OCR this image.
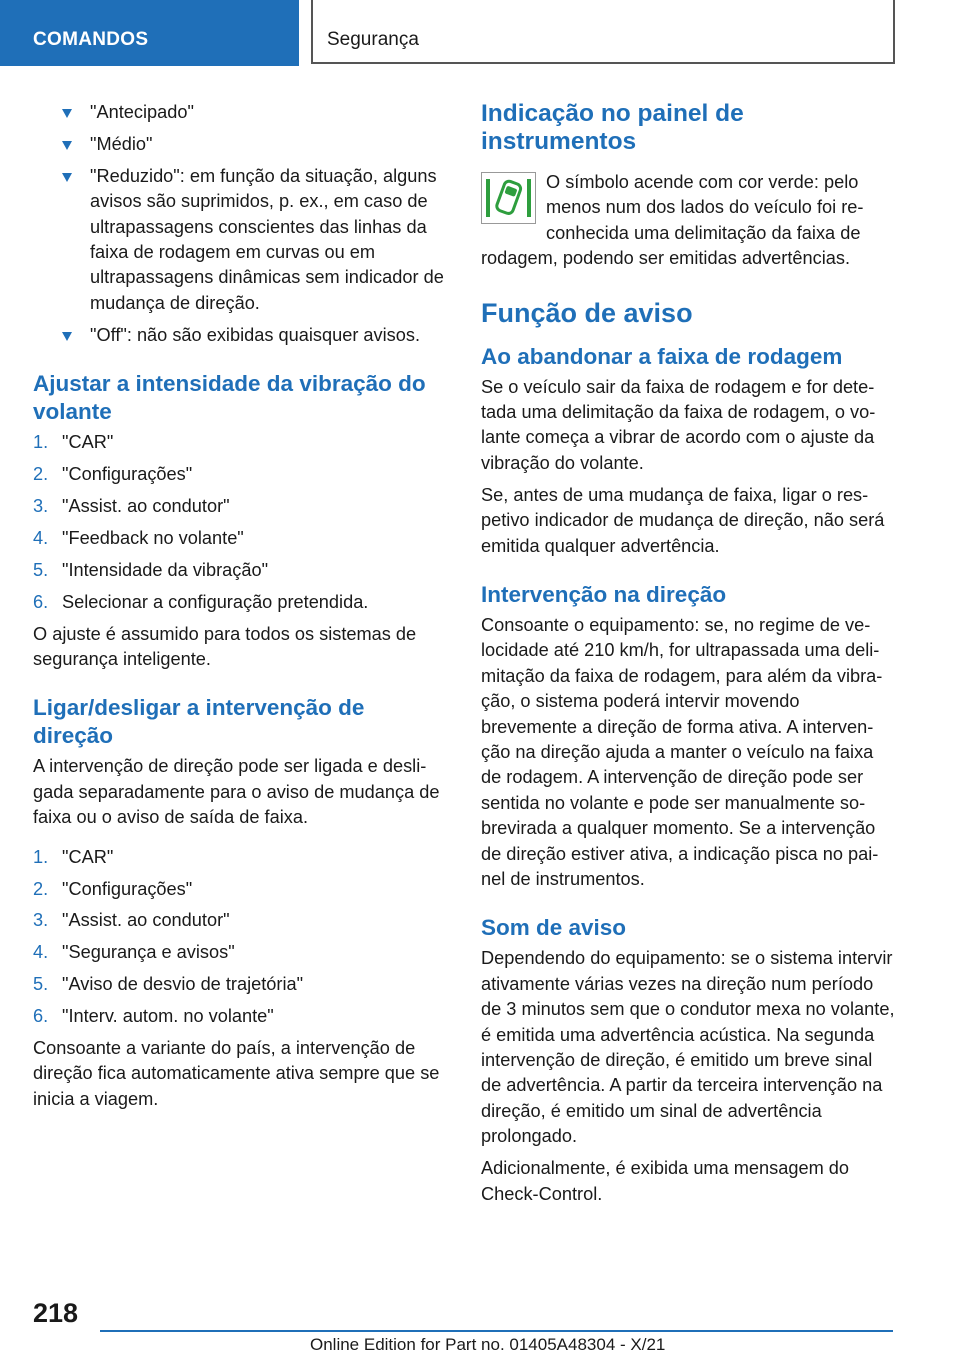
COMANDOS	Segurança
"Antecipado"
"Médio"
"Reduzido": em função da situação, alguns avisos são suprimidos, p. ex., em caso de ultrapassagens conscientes das linhas da faixa de rodagem em curvas ou em ultrapassagens dinâmicas sem indicador de mudança de direção.
"Off": não são exibidas quaisquer avisos.
Ajustar a intensidade da vibração do volante
1. "CAR"
2. "Configurações"
3. "Assist. ao condutor"
4. "Feedback no volante"
5. "Intensidade da vibração"
6. Selecionar a configuração pretendida.

O ajuste é assumido para todos os sistemas de segurança inteligente.

Ligar/desligar a intervenção de direção

A intervenção de direção pode ser ligada e desligada separadamente para o aviso de mudança de faixa ou o aviso de saída de faixa.

1. "CAR"
2. "Configurações"
3. "Assist. ao condutor"
4. "Segurança e avisos"
5. "Aviso de desvio de trajetória"
6. "Interv. autom. no volante"

Consoante a variante do país, a intervenção de direção fica automaticamente ativa sempre que se inicia a viagem.

Indicação no painel de instrumentos

O símbolo acende com cor verde: pelo menos num dos lados do veículo foi reconhecida uma delimitação da faixa de rodagem, podendo ser emitidas advertências.

Função de aviso
Ao abandonar a faixa de rodagem

Se o veículo sair da faixa de rodagem e for detetada uma delimitação da faixa de rodagem, o volante começa a vibrar de acordo com o ajuste da vibração do volante.

Se, antes de uma mudança de faixa, ligar o respetivo indicador de mudança de direção, não será emitida qualquer advertência.

Intervenção na direção

Consoante o equipamento: se, no regime de velocidade até 210 km/h, for ultrapassada uma delimitação da faixa de rodagem, para além da vibração, o sistema poderá intervir movendo brevemente a direção de forma ativa. A intervenção na direção ajuda a manter o veículo na faixa de rodagem. A intervenção de direção pode ser sentida no volante e pode ser manualmente sobrevirada a qualquer momento. Se a intervenção de direção estiver ativa, a indicação pisca no painel de instrumentos.

Som de aviso

Dependendo do equipamento: se o sistema intervir ativamente várias vezes na direção num período de 3 minutos sem que o condutor mexa no volante, é emitida uma advertência acústica. Na segunda intervenção de direção, é emitido um breve sinal de advertência. A partir da terceira intervenção na direção, é emitido um sinal de advertência prolongado.

Adicionalmente, é exibida uma mensagem do Check-Control.

218
Online Edition for Part no. 01405A48304 - X/21
